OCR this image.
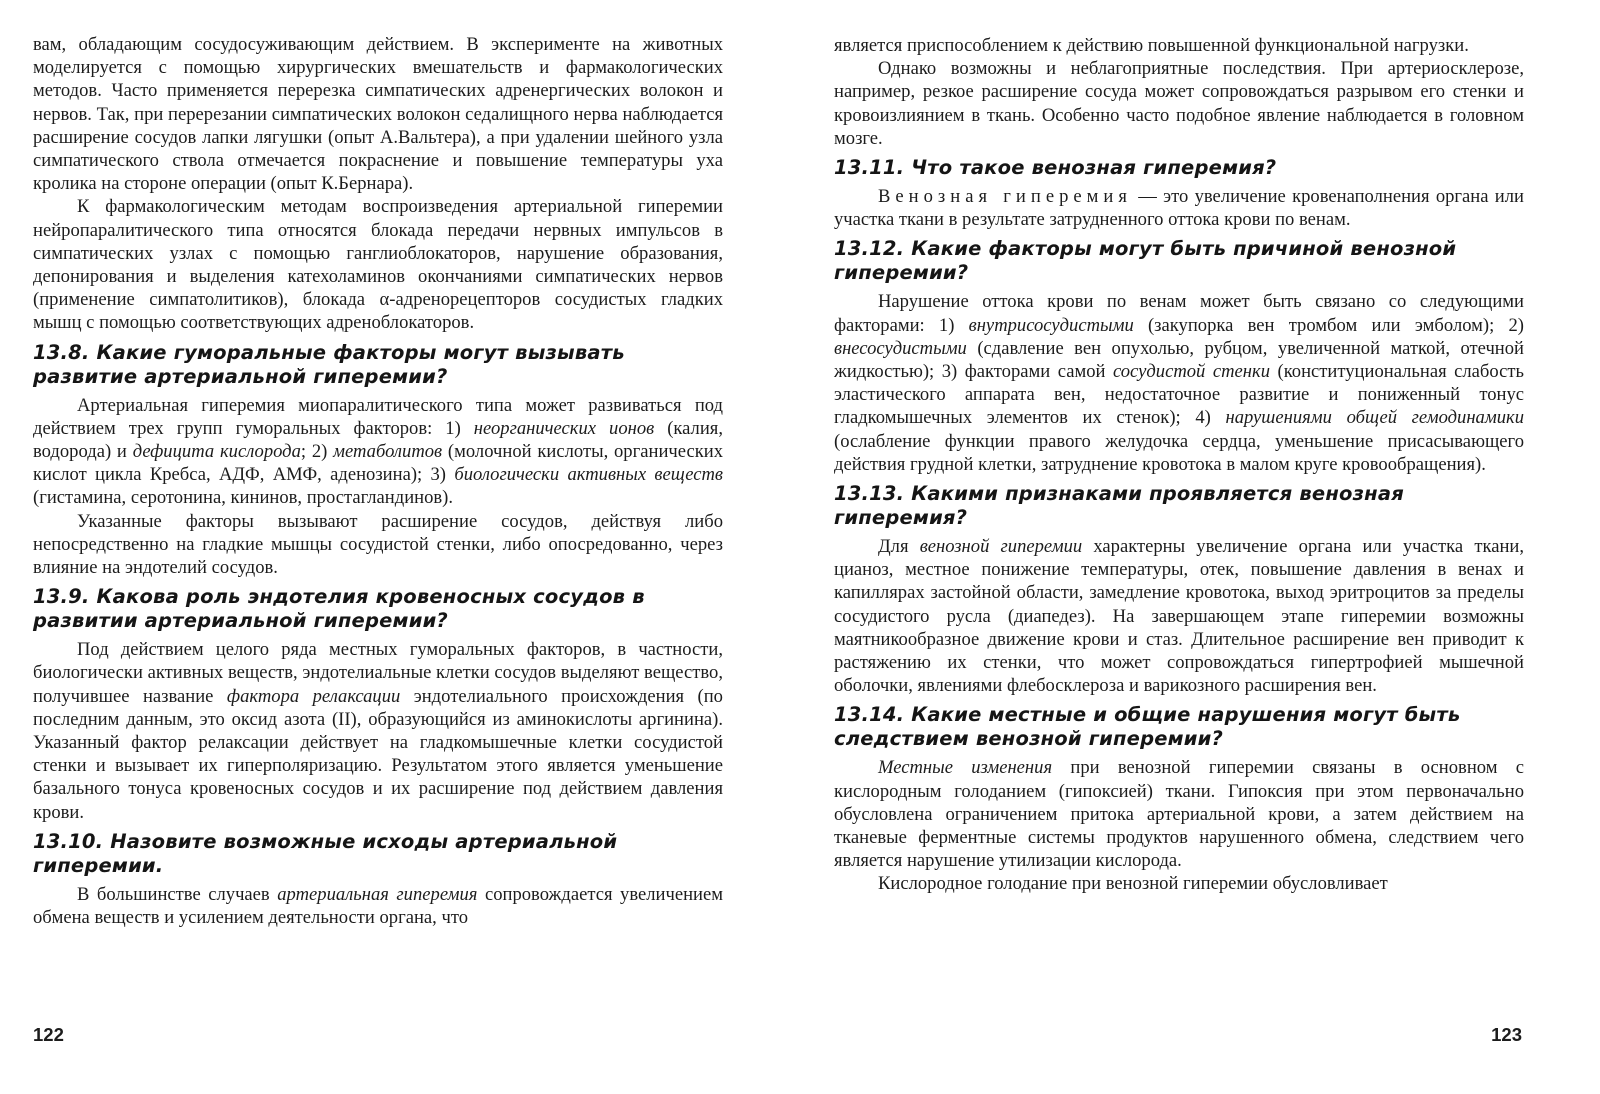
вам, обладающим сосудосуживающим действием. В эксперименте на животных моделируется с помощью хирургических вмешательств и фармакологических методов. Часто применяется перерезка симпатических адренергических волокон и нервов. Так, при перерезании симпатических волокон седалищного нерва наблюдается расширение сосудов лапки лягушки (опыт А.Вальтера), а при удалении шейного узла симпатического ствола отмечается покраснение и повышение температуры уха кролика на стороне операции (опыт К.Бернара).

К фармакологическим методам воспроизведения артериальной гиперемии нейропаралитического типа относятся блокада передачи нервных импульсов в симпатических узлах с помощью ганглиоблокаторов, нарушение образования, депонирования и выделения катехоламинов окончаниями симпатических нервов (применение симпатолитиков), блокада α-адренорецепторов сосудистых гладких мышц с помощью соответствующих адреноблокаторов.

13.8. Какие гуморальные факторы могут вызывать развитие артериальной гиперемии?

Артериальная гиперемия миопаралитического типа может развиваться под действием трех групп гуморальных факторов: 1) неорганических ионов (калия, водорода) и дефицита кислорода; 2) метаболитов (молочной кислоты, органических кислот цикла Кребса, АДФ, АМФ, аденозина); 3) биологически активных веществ (гистамина, серотонина, кининов, простагландинов).

Указанные факторы вызывают расширение сосудов, действуя либо непосредственно на гладкие мышцы сосудистой стенки, либо опосредованно, через влияние на эндотелий сосудов.

13.9. Какова роль эндотелия кровеносных сосудов в развитии артериальной гиперемии?

Под действием целого ряда местных гуморальных факторов, в частности, биологически активных веществ, эндотелиальные клетки сосудов выделяют вещество, получившее название фактора релаксации эндотелиального происхождения (по последним данным, это оксид азота (II), образующийся из аминокислоты аргинина). Указанный фактор релаксации действует на гладкомышечные клетки сосудистой стенки и вызывает их гиперполяризацию. Результатом этого является уменьшение базального тонуса кровеносных сосудов и их расширение под действием давления крови.

13.10. Назовите возможные исходы артериальной гиперемии.

В большинстве случаев артериальная гиперемия сопровождается увеличением обмена веществ и усилением деятельности органа, что

122

является приспособлением к действию повышенной функциональной нагрузки.

Однако возможны и неблагоприятные последствия. При артериосклерозе, например, резкое расширение сосуда может сопровождаться разрывом его стенки и кровоизлиянием в ткань. Особенно часто подобное явление наблюдается в головном мозге.

13.11. Что такое венозная гиперемия?

Венозная гиперемия — это увеличение кровенаполнения органа или участка ткани в результате затрудненного оттока крови по венам.

13.12. Какие факторы могут быть причиной венозной гиперемии?

Нарушение оттока крови по венам может быть связано со следующими факторами: 1) внутрисосудистыми (закупорка вен тромбом или эмболом); 2) внесосудистыми (сдавление вен опухолью, рубцом, увеличенной маткой, отечной жидкостью); 3) факторами самой сосудистой стенки (конституциональная слабость эластического аппарата вен, недостаточное развитие и пониженный тонус гладкомышечных элементов их стенок); 4) нарушениями общей гемодинамики (ослабление функции правого желудочка сердца, уменьшение присасывающего действия грудной клетки, затруднение кровотока в малом круге кровообращения).

13.13. Какими признаками проявляется венозная гиперемия?

Для венозной гиперемии характерны увеличение органа или участка ткани, цианоз, местное понижение температуры, отек, повышение давления в венах и капиллярах застойной области, замедление кровотока, выход эритроцитов за пределы сосудистого русла (диапедез). На завершающем этапе гиперемии возможны маятникообразное движение крови и стаз. Длительное расширение вен приводит к растяжению их стенки, что может сопровождаться гипертрофией мышечной оболочки, явлениями флебосклероза и варикозного расширения вен.

13.14. Какие местные и общие нарушения могут быть следствием венозной гиперемии?

Местные изменения при венозной гиперемии связаны в основном с кислородным голоданием (гипоксией) ткани. Гипоксия при этом первоначально обусловлена ограничением притока артериальной крови, а затем действием на тканевые ферментные системы продуктов нарушенного обмена, следствием чего является нарушение утилизации кислорода.

Кислородное голодание при венозной гиперемии обусловливает

123
